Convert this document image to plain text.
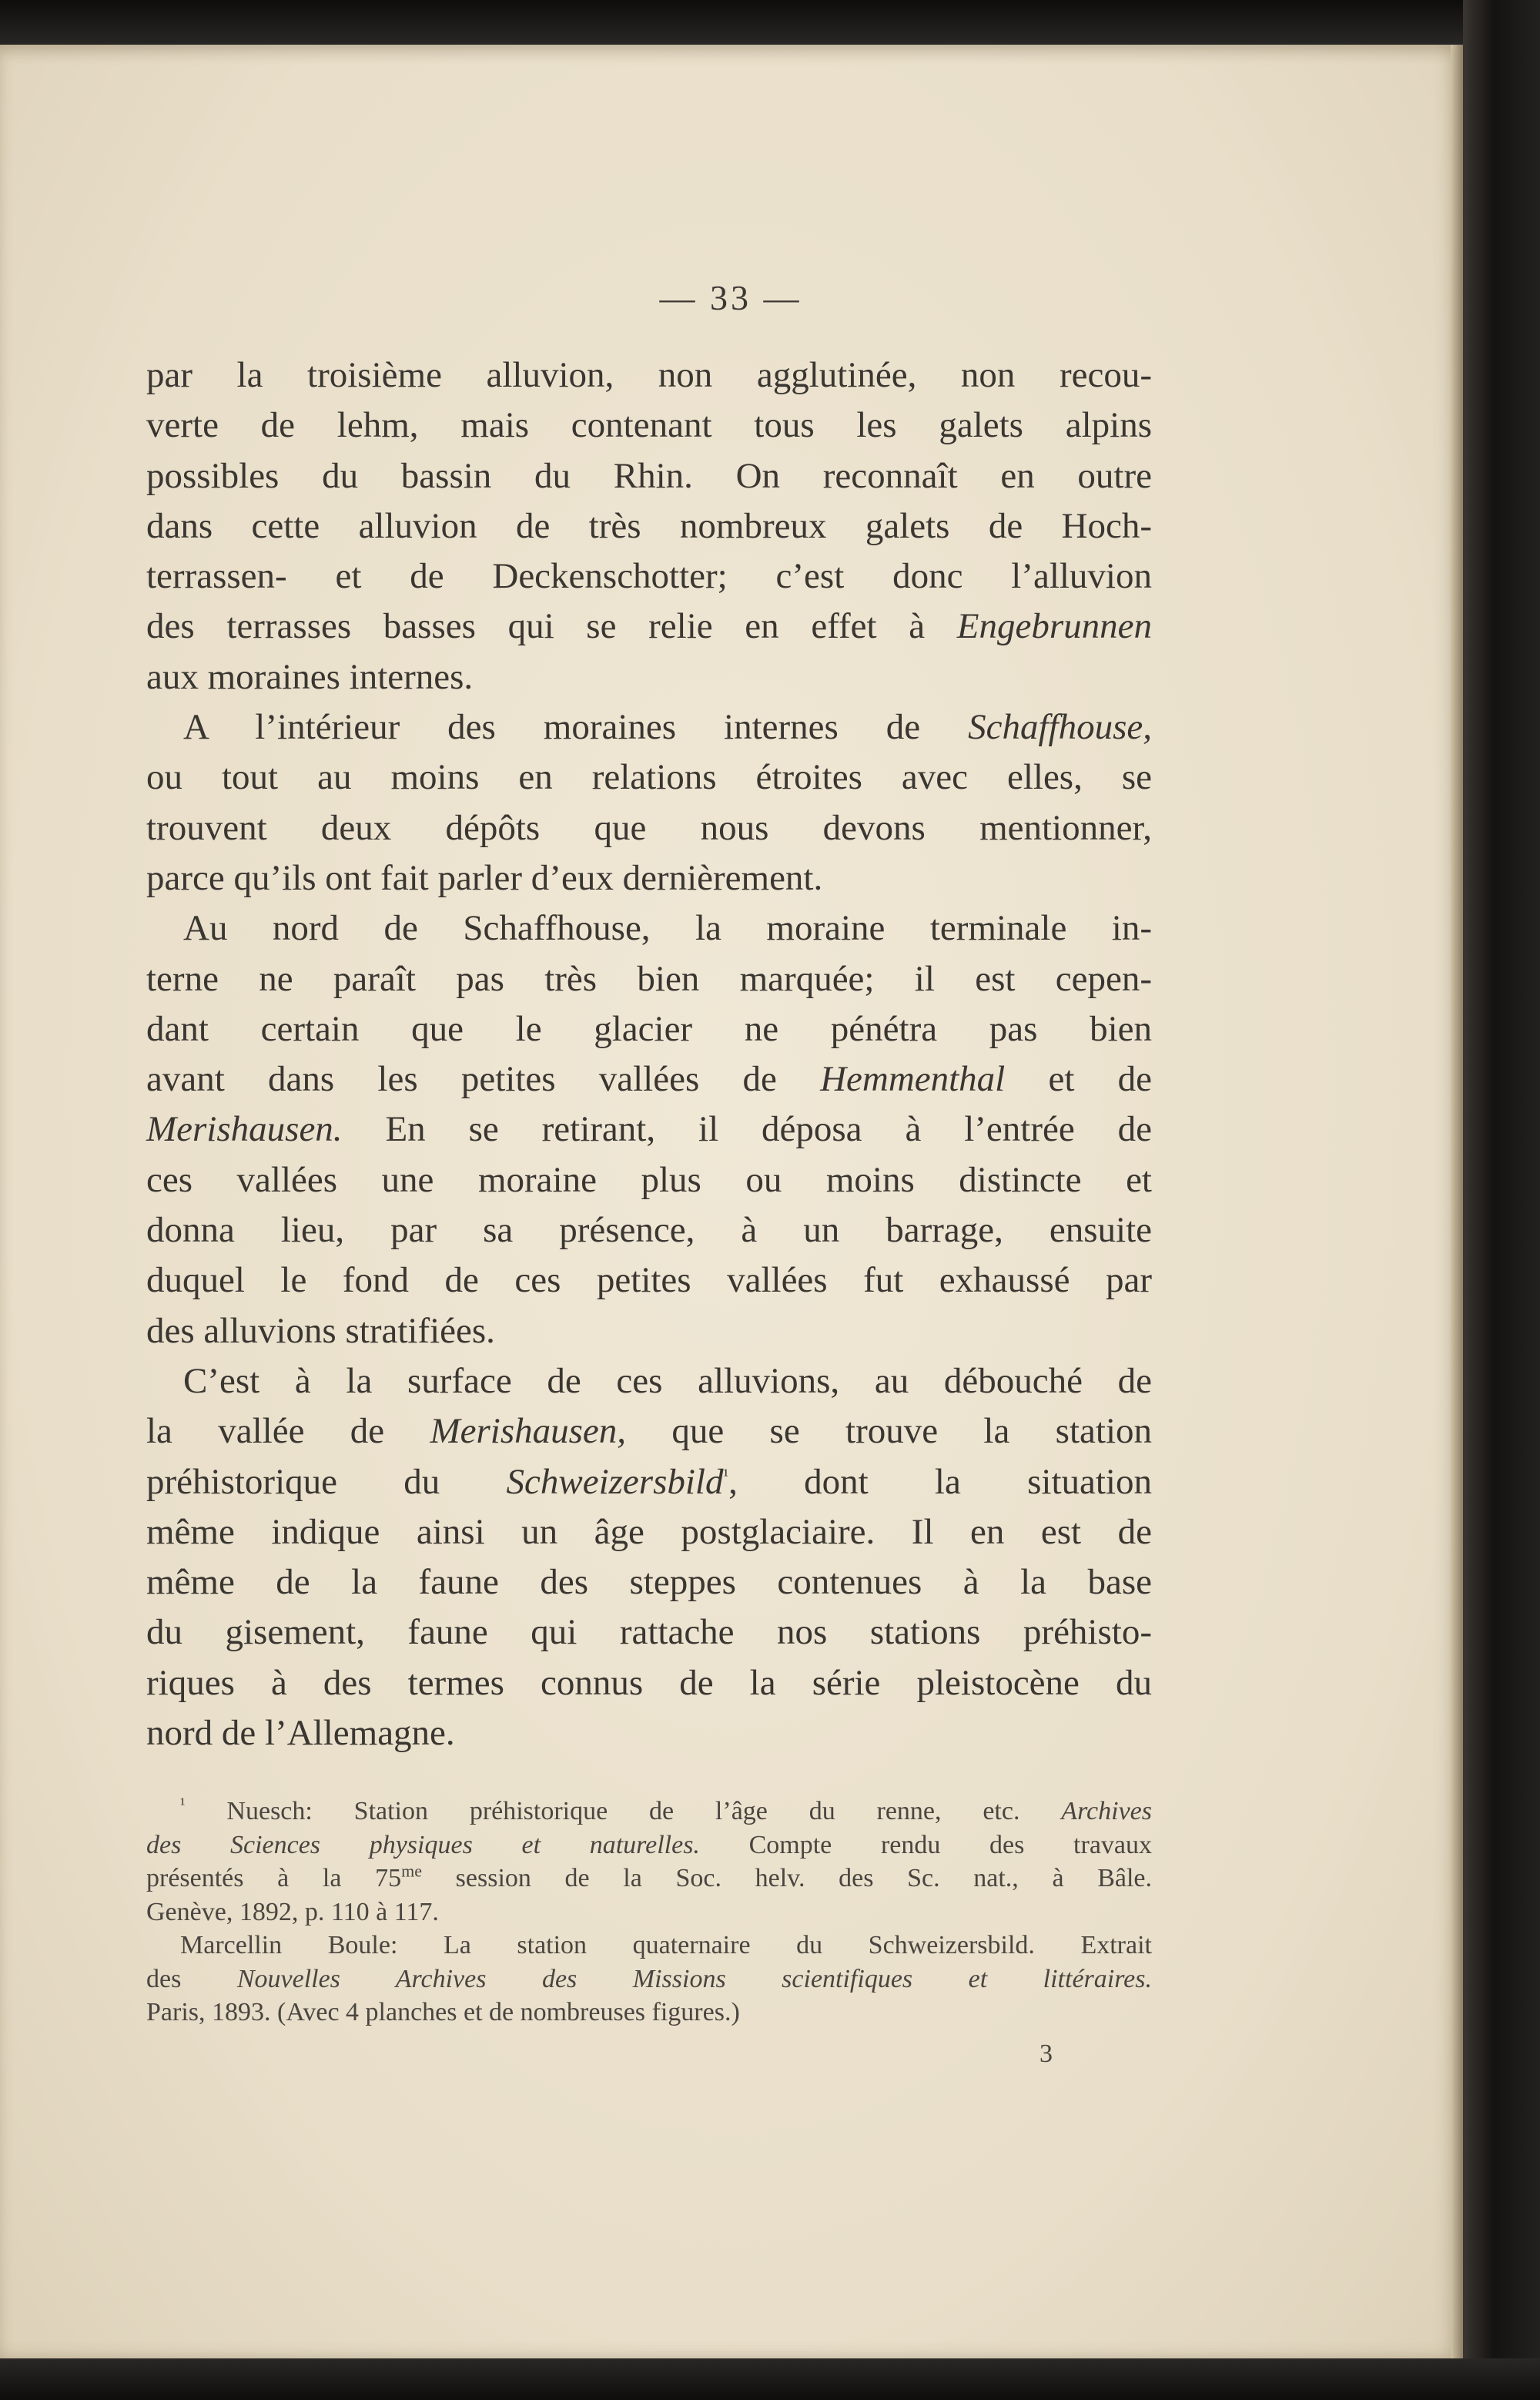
— 33 —
par la troisième alluvion, non agglutinée, non recou-
verte de lehm, mais contenant tous les galets alpins
possibles du bassin du Rhin. On reconnaît en outre
dans cette alluvion de très nombreux galets de Hoch-
terrassen- et de Deckenschotter; c’est donc l’alluvion
des terrasses basses qui se relie en effet à Engebrunnen
aux moraines internes.
A l’intérieur des moraines internes de Schaffhouse,
ou tout au moins en relations étroites avec elles, se
trouvent deux dépôts que nous devons mentionner,
parce qu’ils ont fait parler d’eux dernièrement.
Au nord de Schaffhouse, la moraine terminale in-
terne ne paraît pas très bien marquée; il est cepen-
dant certain que le glacier ne pénétra pas bien
avant dans les petites vallées de Hemmenthal et de
Merishausen. En se retirant, il déposa à l’entrée de
ces vallées une moraine plus ou moins distincte et
donna lieu, par sa présence, à un barrage, ensuite
duquel le fond de ces petites vallées fut exhaussé par
des alluvions stratifiées.
C’est à la surface de ces alluvions, au débouché de
la vallée de Merishausen, que se trouve la station
préhistorique du Schweizersbild$^{^1}$, dont la situation
même indique ainsi un âge postglaciaire. Il en est de
même de la faune des steppes contenues à la base
du gisement, faune qui rattache nos stations préhisto-
riques à des termes connus de la série pleistocène du
nord de l’Allemagne.
$^{^1}$ Nuesch: Station préhistorique de l’âge du renne, etc. Archives
des Sciences physiques et naturelles. Compte rendu des travaux
présentés à la $75^{me}$ session de la Soc. helv. des Sc. nat., à Bâle.
Genève, 1892, p. 110 à 117.
Marcellin Boule: La station quaternaire du Schweizersbild. Extrait
des Nouvelles Archives des Missions scientifiques et littéraires.
Paris, 1893. (Avec 4 planches et de nombreuses figures.)
3
